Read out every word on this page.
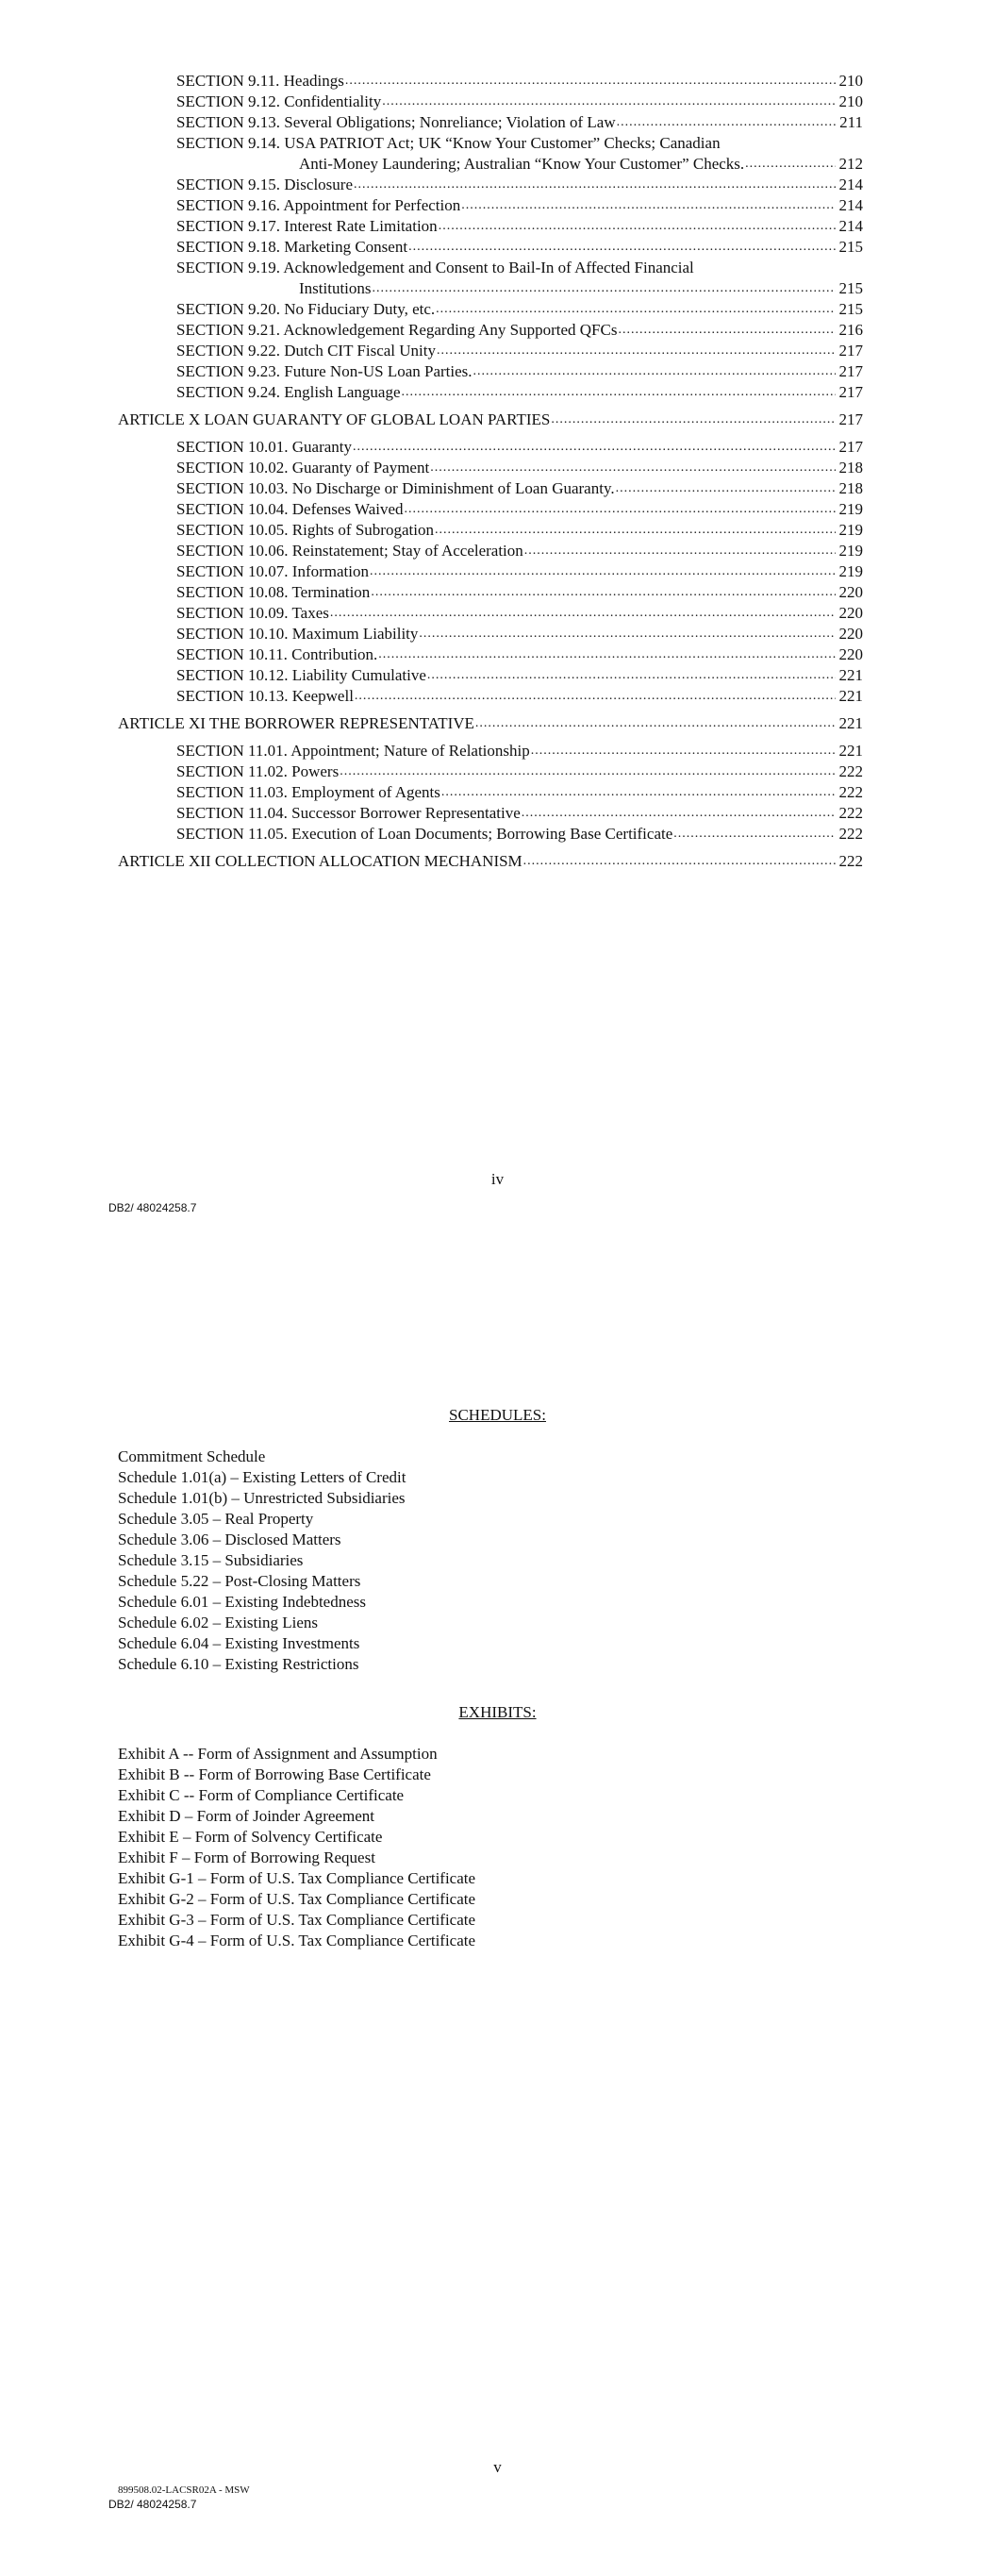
SECTION 9.11. Headings .....	210
SECTION 9.12. Confidentiality .....	210
SECTION 9.13. Several Obligations; Nonreliance; Violation of Law .....	211
SECTION 9.14. USA PATRIOT Act; UK “Know Your Customer” Checks; Canadian
Anti-Money Laundering; Australian “Know Your Customer” Checks. .....	212
SECTION 9.15. Disclosure .....	214
SECTION 9.16. Appointment for Perfection .....	214
SECTION 9.17. Interest Rate Limitation .....	214
SECTION 9.18. Marketing Consent .....	215
SECTION 9.19. Acknowledgement and Consent to Bail-In of Affected Financial
Institutions .....	215
SECTION 9.20. No Fiduciary Duty, etc. .....	215
SECTION 9.21. Acknowledgement Regarding Any Supported QFCs .....	216
SECTION 9.22. Dutch CIT Fiscal Unity .....	217
SECTION 9.23. Future Non-US Loan Parties. .....	217
SECTION 9.24. English Language .....	217
ARTICLE X LOAN GUARANTY OF GLOBAL LOAN PARTIES .....	217
SECTION 10.01. Guaranty .....	217
SECTION 10.02. Guaranty of Payment .....	218
SECTION 10.03. No Discharge or Diminishment of Loan Guaranty. .....	218
SECTION 10.04. Defenses Waived .....	219
SECTION 10.05. Rights of Subrogation .....	219
SECTION 10.06. Reinstatement; Stay of Acceleration .....	219
SECTION 10.07. Information .....	219
SECTION 10.08. Termination .....	220
SECTION 10.09. Taxes .....	220
SECTION 10.10. Maximum Liability .....	220
SECTION 10.11. Contribution. .....	220
SECTION 10.12. Liability Cumulative .....	221
SECTION 10.13. Keepwell .....	221
ARTICLE XI THE BORROWER REPRESENTATIVE .....	221
SECTION 11.01. Appointment; Nature of Relationship .....	221
SECTION 11.02. Powers .....	222
SECTION 11.03. Employment of Agents .....	222
SECTION 11.04. Successor Borrower Representative .....	222
SECTION 11.05. Execution of Loan Documents; Borrowing Base Certificate .....	222
ARTICLE XII COLLECTION ALLOCATION MECHANISM .....	222
iv
DB2/ 48024258.7
SCHEDULES:
Commitment Schedule
Schedule 1.01(a) – Existing Letters of Credit
Schedule 1.01(b) – Unrestricted Subsidiaries
Schedule 3.05 – Real Property
Schedule 3.06 – Disclosed Matters
Schedule 3.15 – Subsidiaries
Schedule 5.22 – Post-Closing Matters
Schedule 6.01 – Existing Indebtedness
Schedule 6.02 – Existing Liens
Schedule 6.04 – Existing Investments
Schedule 6.10 – Existing Restrictions
EXHIBITS:
Exhibit A -- Form of Assignment and Assumption
Exhibit B -- Form of Borrowing Base Certificate
Exhibit C -- Form of Compliance Certificate
Exhibit D – Form of Joinder Agreement
Exhibit E – Form of Solvency Certificate
Exhibit F – Form of Borrowing Request
Exhibit G-1 – Form of U.S. Tax Compliance Certificate
Exhibit G-2 – Form of U.S. Tax Compliance Certificate
Exhibit G-3 – Form of U.S. Tax Compliance Certificate
Exhibit G-4 – Form of U.S. Tax Compliance Certificate
v
899508.02-LACSR02A - MSW
DB2/ 48024258.7
